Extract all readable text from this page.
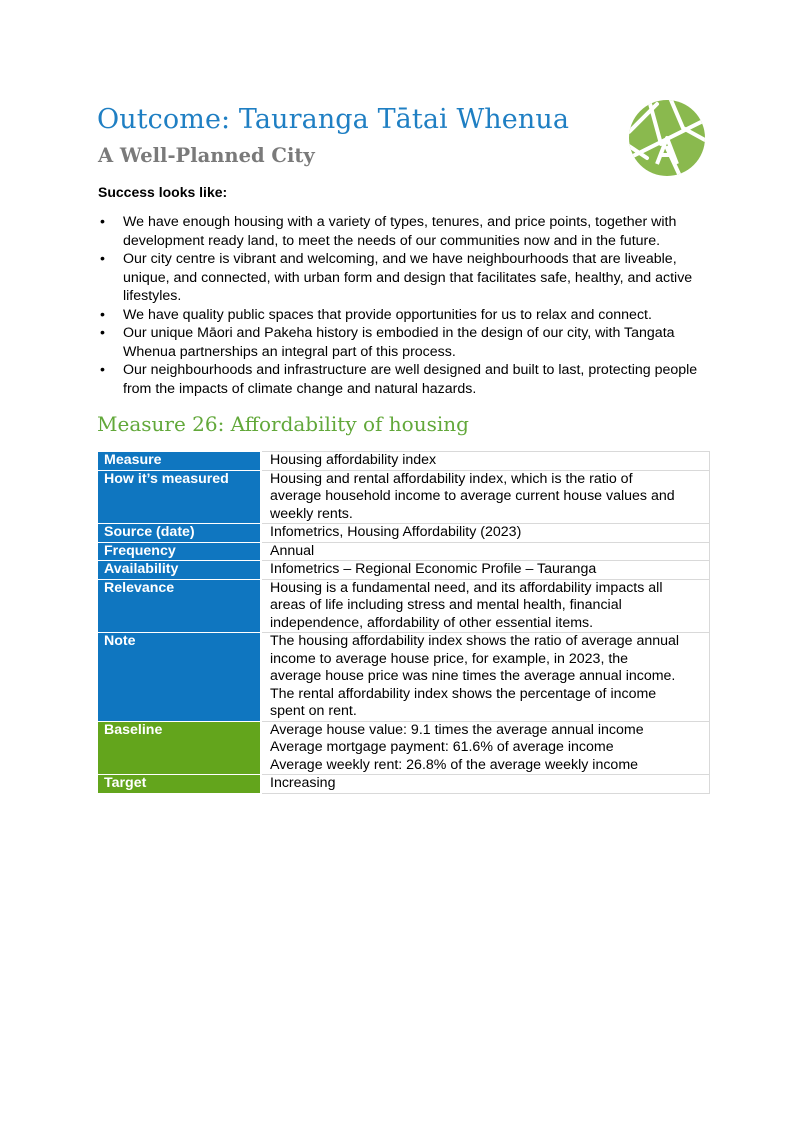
Outcome: Tauranga Tātai Whenua
A Well-Planned City

Success looks like:

• We have enough housing with a variety of types, tenures, and price points, together with development ready land, to meet the needs of our communities now and in the future.
• Our city centre is vibrant and welcoming, and we have neighbourhoods that are liveable, unique, and connected, with urban form and design that facilitates safe, healthy, and active lifestyles.
• We have quality public spaces that provide opportunities for us to relax and connect.
• Our unique Māori and Pakeha history is embodied in the design of our city, with Tangata Whenua partnerships an integral part of this process.
• Our neighbourhoods and infrastructure are well designed and built to last, protecting people from the impacts of climate change and natural hazards.
Measure 26: Affordability of housing
Measure	Housing affordability index

How it’s measured	Housing and rental affordability index, which is the ratio of
average household income to average current house values and
weekly rents.

Source (date)	Infometrics, Housing Affordability (2023)

Frequency	Annual

Availability	Infometrics – Regional Economic Profile – Tauranga

Relevance	Housing is a fundamental need, and its affordability impacts all
areas of life including stress and mental health, financial
independence, affordability of other essential items.

Note	The housing affordability index shows the ratio of average annual
income to average house price, for example, in 2023, the
average house price was nine times the average annual income.
The rental affordability index shows the percentage of income
spent on rent.

Baseline	Average house value: 9.1 times the average annual income
Average mortgage payment: 61.6% of average income
Average weekly rent: 26.8% of the average weekly income

Target	Increasing
